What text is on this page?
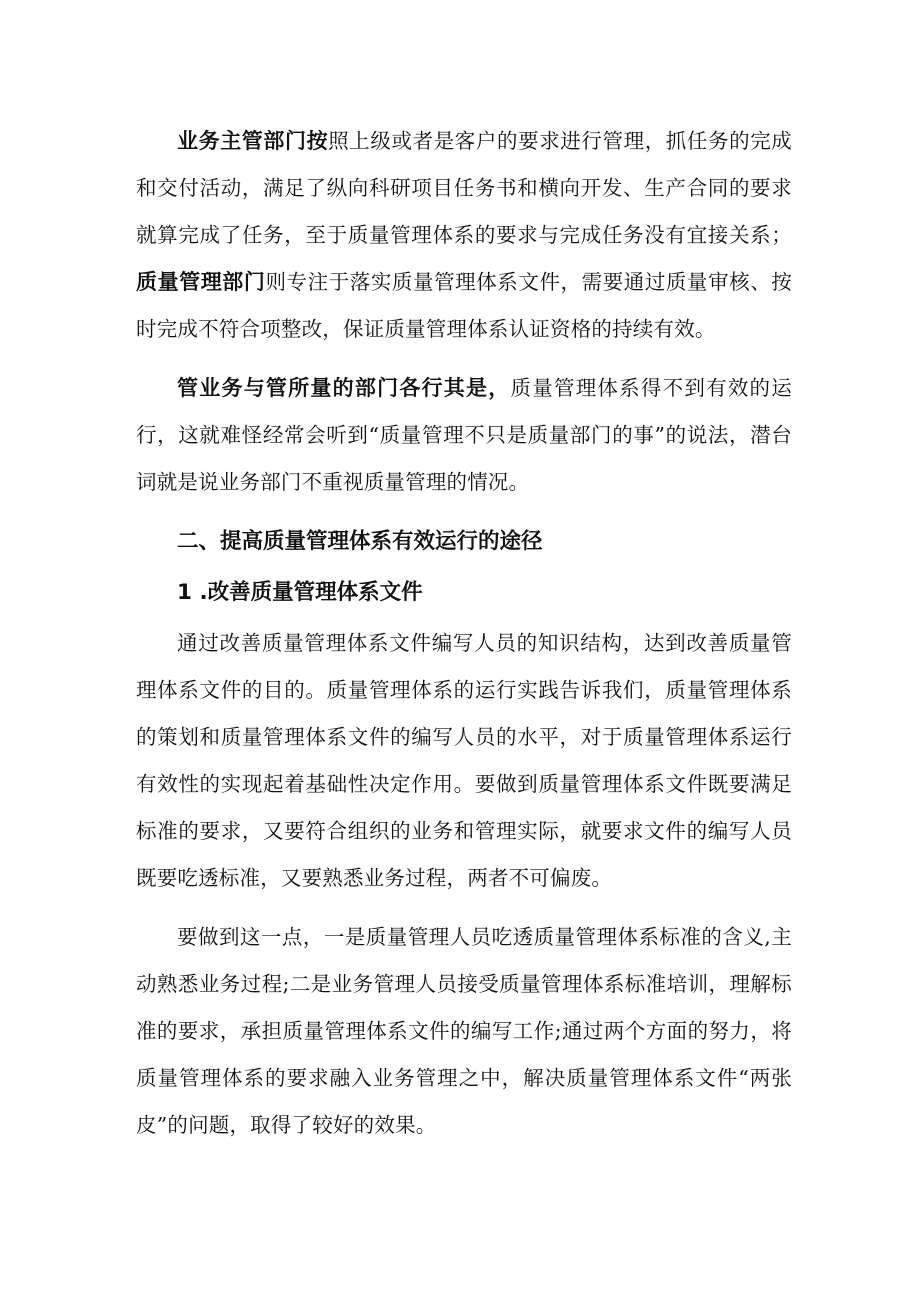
业务主管部门按照上级或者是客户的要求进行管理，抓任务的完成和交付活动，满足了纵向科研项目任务书和横向开发、生产合同的要求就算完成了任务，至于质量管理体系的要求与完成任务没有宜接关系；质量管理部门则专注于落实质量管理体系文件，需要通过质量审核、按时完成不符合项整改，保证质量管理体系认证资格的持续有效。

管业务与管所量的部门各行其是，质量管理体系得不到有效的运行，这就难怪经常会听到“质量管理不只是质量部门的事”的说法，潜台词就是说业务部门不重视质量管理的情况。

二、提高质量管理体系有效运行的途径
1 .改善质量管理体系文件

通过改善质量管理体系文件编写人员的知识结构，达到改善质量管理体系文件的目的。质量管理体系的运行实践告诉我们，质量管理体系的策划和质量管理体系文件的编写人员的水平，对于质量管理体系运行有效性的实现起着基础性决定作用。要做到质量管理体系文件既要满足标准的要求，又要符合组织的业务和管理实际，就要求文件的编写人员既要吃透标准，又要熟悉业务过程，两者不可偏废。

要做到这一点，一是质量管理人员吃透质量管理体系标准的含义,主动熟悉业务过程;二是业务管理人员接受质量管理体系标准培训，理解标准的要求，承担质量管理体系文件的编写工作;通过两个方面的努力，将质量管理体系的要求融入业务管理之中，解决质量管理体系文件“两张皮”的问题，取得了较好的效果。
